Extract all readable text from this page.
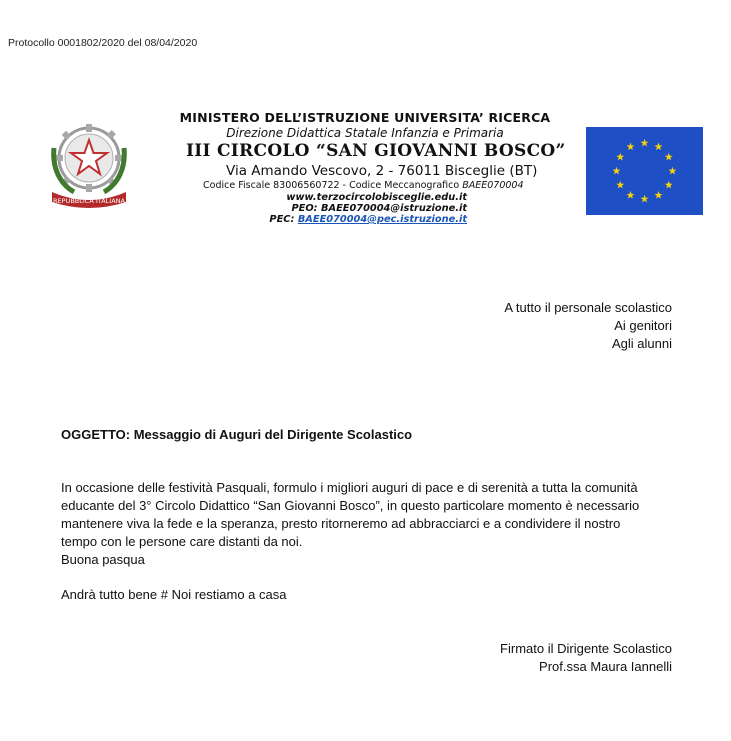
Protocollo 0001802/2020 del 08/04/2020
REPUBBLICA ITALIANA
MINISTERO DELL’ISTRUZIONE UNIVERSITA’ RICERCA
Direzione Didattica Statale Infanzia e Primaria
III CIRCOLO “SAN GIOVANNI BOSCO”
Via Amando Vescovo, 2 - 76011 Bisceglie (BT)
Codice Fiscale 83006560722 - Codice Meccanografico BAEE070004
www.terzocircolobisceglie.edu.it
PEO: BAEE070004@istruzione.it
PEC: BAEE070004@pec.istruzione.it
A tutto il personale scolastico
Ai genitori
Agli alunni
OGGETTO: Messaggio di Auguri del Dirigente Scolastico
In occasione delle festività Pasquali, formulo i migliori auguri di pace e di serenità a tutta la comunità
educante del 3° Circolo Didattico “San Giovanni Bosco”, in questo particolare momento è necessario
mantenere viva la fede e la speranza, presto ritorneremo ad abbracciarci e a condividere il nostro
tempo con le persone care distanti da noi.
Buona pasqua
Andrà tutto bene # Noi restiamo a casa
Firmato il Dirigente Scolastico
Prof.ssa Maura Iannelli
